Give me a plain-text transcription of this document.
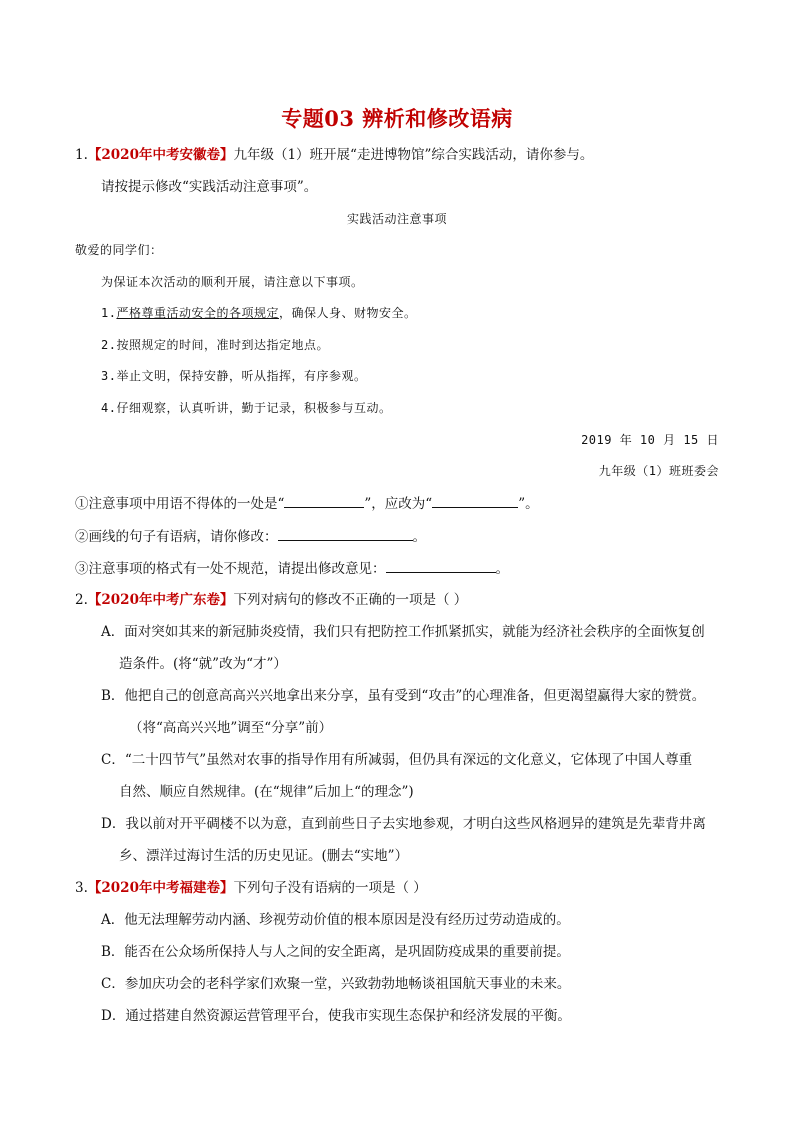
专题03 辨析和修改语病
1.【2020年中考安徽卷】九年级（1）班开展“走进博物馆”综合实践活动，请你参与。
请按提示修改“实践活动注意事项”。
实践活动注意事项
敬爱的同学们：
为保证本次活动的顺利开展，请注意以下事项。
1.严格尊重活动安全的各项规定，确保人身、财物安全。
2.按照规定的时间，准时到达指定地点。
3.举止文明，保持安静，听从指挥，有序参观。
4.仔细观察，认真听讲，勤于记录，积极参与互动。
2019 年 10 月 15 日
九年级（1）班班委会
①注意事项中用语不得体的一处是“	”，应改为“	”。
②画线的句子有语病，请你修改：	。
③注意事项的格式有一处不规范，请提出修改意见：	。
2.【2020年中考广东卷】下列对病句的修改不正确的一项是（ ）
A．面对突如其来的新冠肺炎疫情，我们只有把防控工作抓紧抓实，就能为经济社会秩序的全面恢复创
造条件。(将“就”改为“才”）
B．他把自己的创意高高兴兴地拿出来分享，虽有受到“攻击”的心理准备，但更渴望赢得大家的赞赏。
（将“高高兴兴地”调至“分享”前）
C．“二十四节气”虽然对农事的指导作用有所减弱，但仍具有深远的文化意义，它体现了中国人尊重
自然、顺应自然规律。(在“规律”后加上“的理念”)
D．我以前对开平碉楼不以为意，直到前些日子去实地参观，才明白这些风格迥异的建筑是先辈背井离
乡、漂洋过海讨生活的历史见证。(删去“实地”）
3.【2020年中考福建卷】下列句子没有语病的一项是（ ）
A．他无法理解劳动内涵、珍视劳动价值的根本原因是没有经历过劳动造成的。
B．能否在公众场所保持人与人之间的安全距离，是巩固防疫成果的重要前提。
C．参加庆功会的老科学家们欢聚一堂，兴致勃勃地畅谈祖国航天事业的未来。
D．通过搭建自然资源运营管理平台，使我市实现生态保护和经济发展的平衡。
